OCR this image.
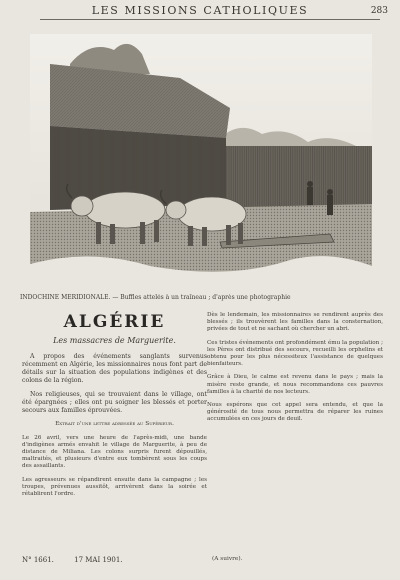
LES MISSIONS CATHOLIQUES	283
INDOCHINE MÉRIDIONALE. — Buffles attelés à un traîneau ; d'après une photographie
ALGÉRIE
Les massacres de Marguerite.

A propos des événements sanglants survenus récemment en Algérie, les missionnaires nous font part de détails sur la situation des populations indigènes et des colons de la région.

Nos religieuses, qui se trouvaient dans le village, ont été épargnées ; elles ont pu soigner les blessés et porter secours aux familles éprouvées.

Extrait d'une lettre adressée au Supérieur.

Le 26 avril, vers une heure de l'après-midi, une bande d'indigènes armés envahit le village de Marguerite, à peu de distance de Miliana. Les colons surpris furent dépouillés, maltraités, et plusieurs d'entre eux tombèrent sous les coups des assaillants.

Les agresseurs se répandirent ensuite dans la campagne ; les troupes, prévenues aussitôt, arrivèrent dans la soirée et rétablirent l'ordre.

Dès le lendemain, les missionnaires se rendirent auprès des blessés ; ils trouvèrent les familles dans la consternation, privées de tout et ne sachant où chercher un abri.

Ces tristes événements ont profondément ému la population ; les Pères ont distribué des secours, recueilli les orphelins et obtenu pour les plus nécessiteux l'assistance de quelques bienfaiteurs.

Grâce à Dieu, le calme est revenu dans le pays ; mais la misère reste grande, et nous recommandons ces pauvres familles à la charité de nos lecteurs.

Nous espérons que cet appel sera entendu, et que la générosité de tous nous permettra de réparer les ruines accumulées en ces jours de deuil.

N° 1661.	17 MAI 1901.	(A suivre).
